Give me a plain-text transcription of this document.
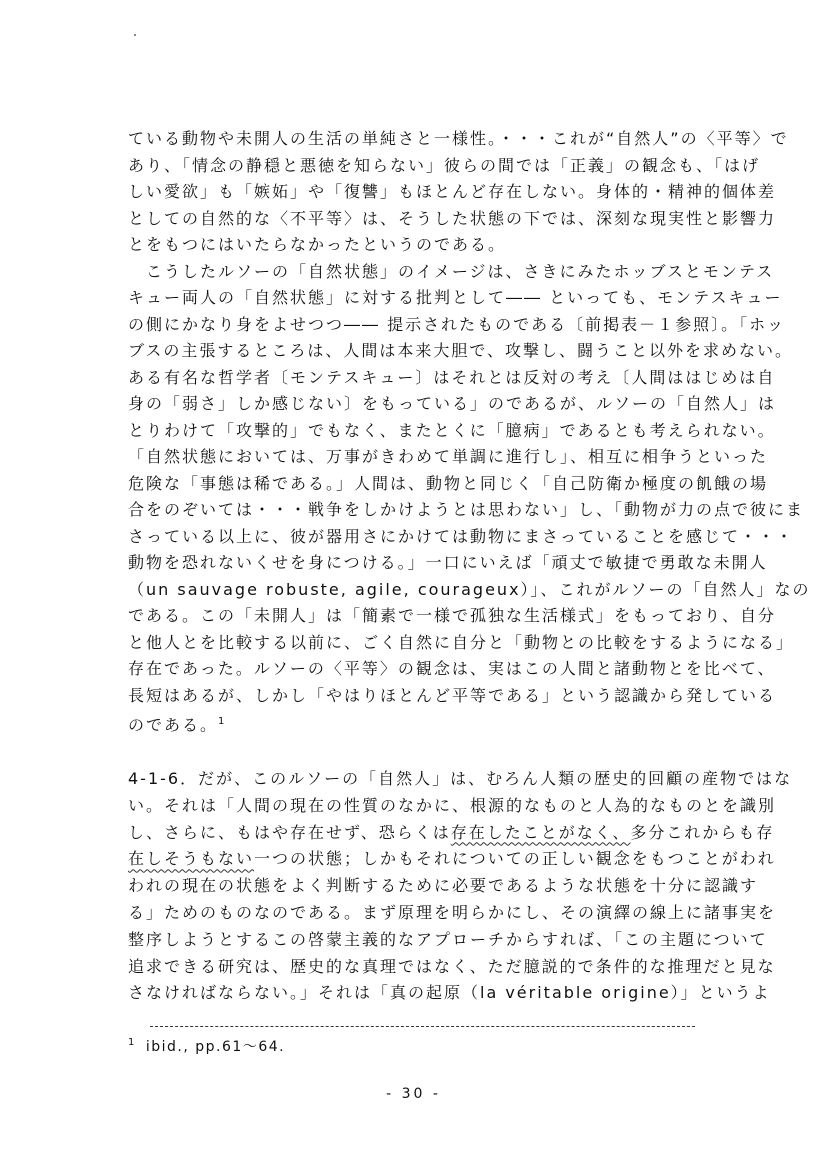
ている動物や未開人の生活の単純さと一様性。・・・これが“自然人”の〈平等〉で
あり、「情念の静穏と悪徳を知らない」彼らの間では「正義」の観念も、「はげ
しい愛欲」も「嫉妬」や「復讐」もほとんど存在しない。身体的・精神的個体差
としての自然的な〈不平等〉は、そうした状態の下では、深刻な現実性と影響力
とをもつにはいたらなかったというのである。
　こうしたルソーの「自然状態」のイメージは、さきにみたホッブスとモンテス
キュー両人の「自然状態」に対する批判として―― といっても、モンテスキュー
の側にかなり身をよせつつ―― 提示されたものである〔前掲表－１参照〕。「ホッ
ブスの主張するところは、人間は本来大胆で、攻撃し、闘うこと以外を求めない。
ある有名な哲学者〔モンテスキュー〕はそれとは反対の考え〔人間ははじめは自
身の「弱さ」しか感じない〕をもっている」のであるが、ルソーの「自然人」は
とりわけて「攻撃的」でもなく、またとくに「臆病」であるとも考えられない。
「自然状態においては、万事がきわめて単調に進行し」、相互に相争うといった
危険な「事態は稀である。」人間は、動物と同じく「自己防衛か極度の飢餓の場
合をのぞいては・・・戦争をしかけようとは思わない」し、「動物が力の点で彼にま
さっている以上に、彼が器用さにかけては動物にまさっていることを感じて・・・
動物を恐れないくせを身につける。」一口にいえば「頑丈で敏捷で勇敢な未開人
（un sauvage robuste, agile, courageux）」、これがルソーの「自然人」なの
である。この「未開人」は「簡素で一様で孤独な生活様式」をもっており、自分
と他人とを比較する以前に、ごく自然に自分と「動物との比較をするようになる」
存在であった。ルソーの〈平等〉の観念は、実はこの人間と諸動物とを比べて、
長短はあるが、しかし「やはりほとんど平等である」という認識から発している
のである。$^1$
4-1-6．だが、このルソーの「自然人」は、むろん人類の歴史的回顧の産物ではな
い。それは「人間の現在の性質のなかに、根源的なものと人為的なものとを識別
し、さらに、もはや存在せず、恐らくは存在したことがなく、多分これからも存
在しそうもない一つの状態；しかもそれについての正しい観念をもつことがわれ
われの現在の状態をよく判断するために必要であるような状態を十分に認識す
る」ためのものなのである。まず原理を明らかにし、その演繹の線上に諸事実を
整序しようとするこの啓蒙主義的なアプローチからすれば、「この主題について
追求できる研究は、歴史的な真理ではなく、ただ臆説的で条件的な推理だと見な
さなければならない。」それは「真の起原（la véritable origine）」というよ
$^1$ ibid., pp.61～64.
- 30 -
